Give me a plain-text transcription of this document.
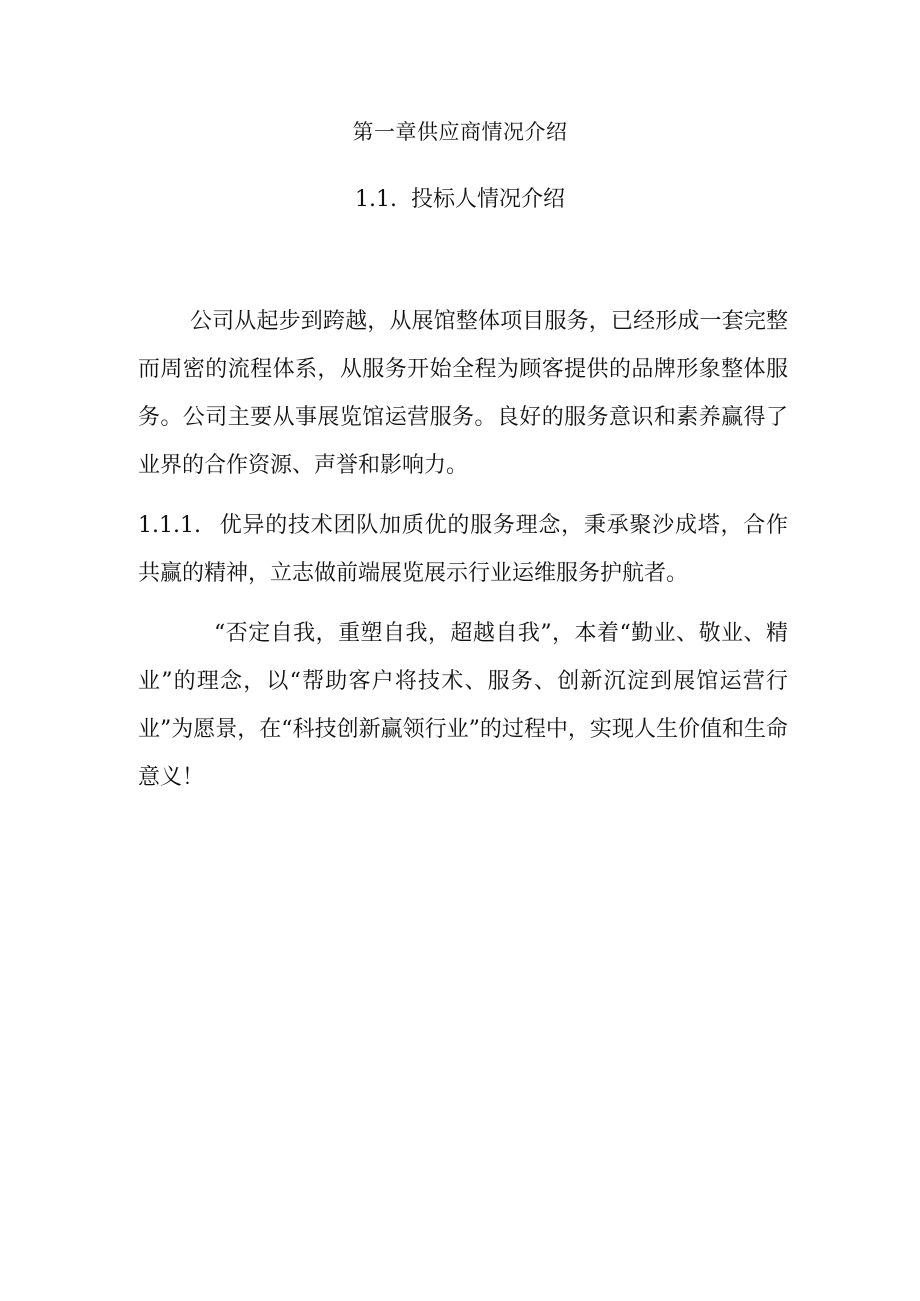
第一章供应商情况介绍
1.1. 投标人情况介绍

公司从起步到跨越，从展馆整体项目服务，已经形成一套完整而周密的流程体系，从服务开始全程为顾客提供的品牌形象整体服务。公司主要从事展览馆运营服务。良好的服务意识和素养赢得了业界的合作资源、声誉和影响力。

1.1.1. 优异的技术团队加质优的服务理念，秉承聚沙成塔，合作共赢的精神，立志做前端展览展示行业运维服务护航者。

“否定自我，重塑自我，超越自我”，本着“勤业、敬业、精业”的理念，以“帮助客户将技术、服务、创新沉淀到展馆运营行业”为愿景，在“科技创新赢领行业”的过程中，实现人生价值和生命意义！
